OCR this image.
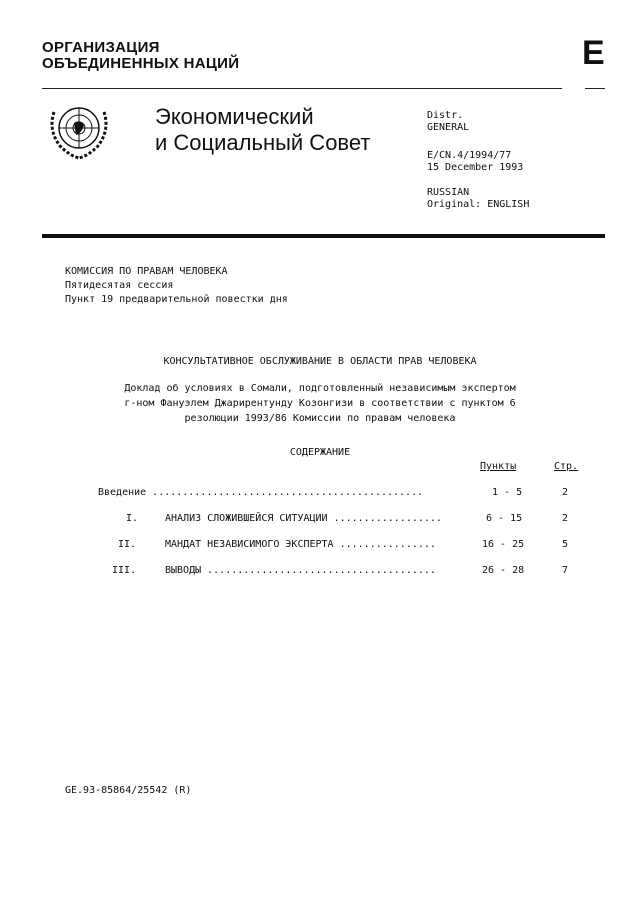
ОРГАНИЗАЦИЯ
ОБЪЕДИНЕННЫХ НАЦИЙ	E
Экономический
и Социальный Совет
Distr.
GENERAL
E/CN.4/1994/77
15 December 1993
RUSSIAN
Original: ENGLISH
КОМИССИЯ ПО ПРАВАМ ЧЕЛОВЕКА
Пятидесятая сессия
Пункт 19 предварительной повестки дня
КОНСУЛЬТАТИВНОЕ ОБСЛУЖИВАНИЕ В ОБЛАСТИ ПРАВ ЧЕЛОВЕКА
Доклад об условиях в Сомали, подготовленный независимым экспертом
г-ном Фануэлем Джарирентунду Козонгизи в соответствии с пунктом 6
резолюции 1993/86 Комиссии по правам человека
СОДЕРЖАНИЕ
Пункты	Стр.
Введение .............................................	1 - 5	2
I.	АНАЛИЗ СЛОЖИВШЕЙСЯ СИТУАЦИИ ..................	6 - 15	2
II.	МАНДАТ НЕЗАВИСИМОГО ЭКСПЕРТА ................	16 - 25	5
III.	ВЫВОДЫ ......................................	26 - 28	7
GE.93-85864/25542 (R)
